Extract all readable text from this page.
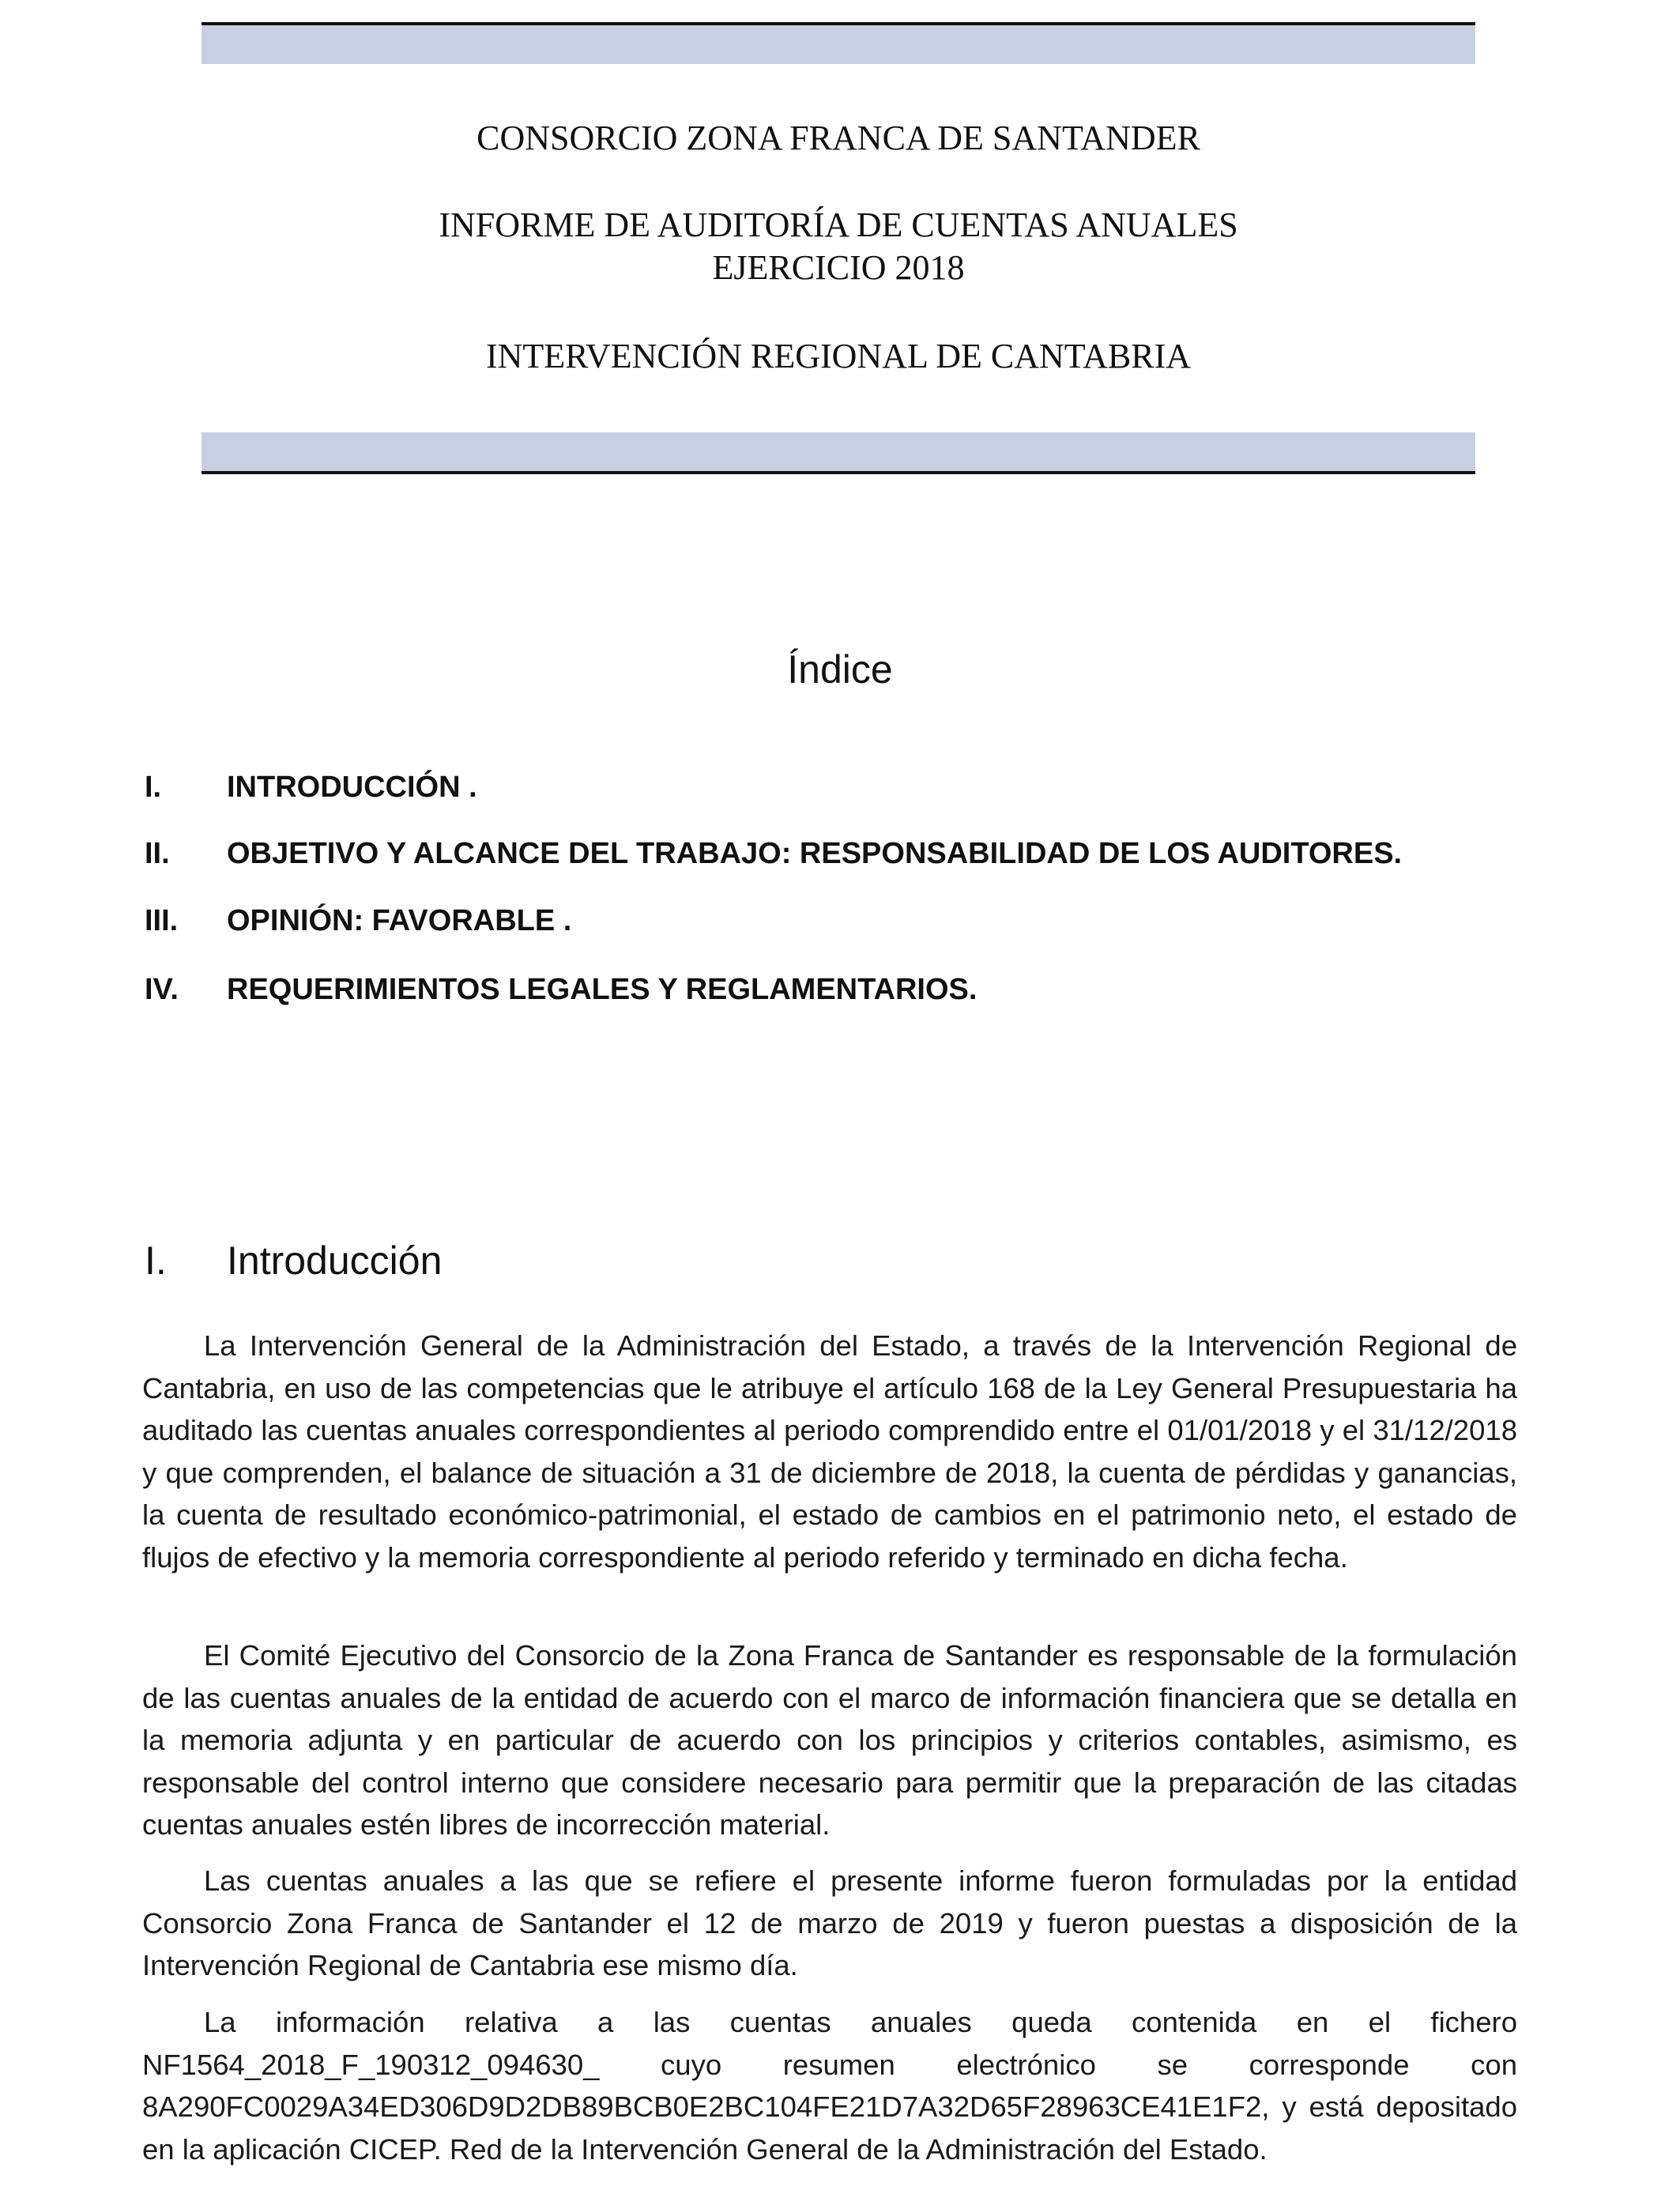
CONSORCIO ZONA FRANCA DE SANTANDER
INFORME DE AUDITORÍA DE CUENTAS ANUALES
EJERCICIO 2018
INTERVENCIÓN REGIONAL DE CANTABRIA
Índice
I.	INTRODUCCIÓN .
II.	OBJETIVO Y ALCANCE DEL TRABAJO: RESPONSABILIDAD DE LOS AUDITORES.
III.	OPINIÓN: FAVORABLE .
IV.	REQUERIMIENTOS LEGALES Y REGLAMENTARIOS.
I.	Introducción

La Intervención General de la Administración del Estado, a través de la Intervención Regional de Cantabria, en uso de las competencias que le atribuye el artículo 168 de la Ley General Presupuestaria ha auditado las cuentas anuales correspondientes al periodo comprendido entre el 01/01/2018 y el 31/12/2018 y que comprenden, el balance de situación a 31 de diciembre de 2018, la cuenta de pérdidas y ganancias, la cuenta de resultado económico-patrimonial, el estado de cambios en el patrimonio neto, el estado de flujos de efectivo y la memoria correspondiente al periodo referido y terminado en dicha fecha.

El Comité Ejecutivo del Consorcio de la Zona Franca de Santander es responsable de la formulación de las cuentas anuales de la entidad de acuerdo con el marco de información financiera que se detalla en la memoria adjunta y en particular de acuerdo con los principios y criterios contables, asimismo, es responsable del control interno que considere necesario para permitir que la preparación de las citadas cuentas anuales estén libres de incorrección material.

Las cuentas anuales a las que se refiere el presente informe fueron formuladas por la entidad Consorcio Zona Franca de Santander el 12 de marzo de 2019 y fueron puestas a disposición de la Intervención Regional de Cantabria ese mismo día.

La información relativa a las cuentas anuales queda contenida en el fichero NF1564_2018_F_190312_094630_ cuyo resumen electrónico se corresponde con 8A290FC0029A34ED306D9D2DB89BCB0E2BC104FE21D7A32D65F28963CE41E1F2, y está depositado en la aplicación CICEP. Red de la Intervención General de la Administración del Estado.
